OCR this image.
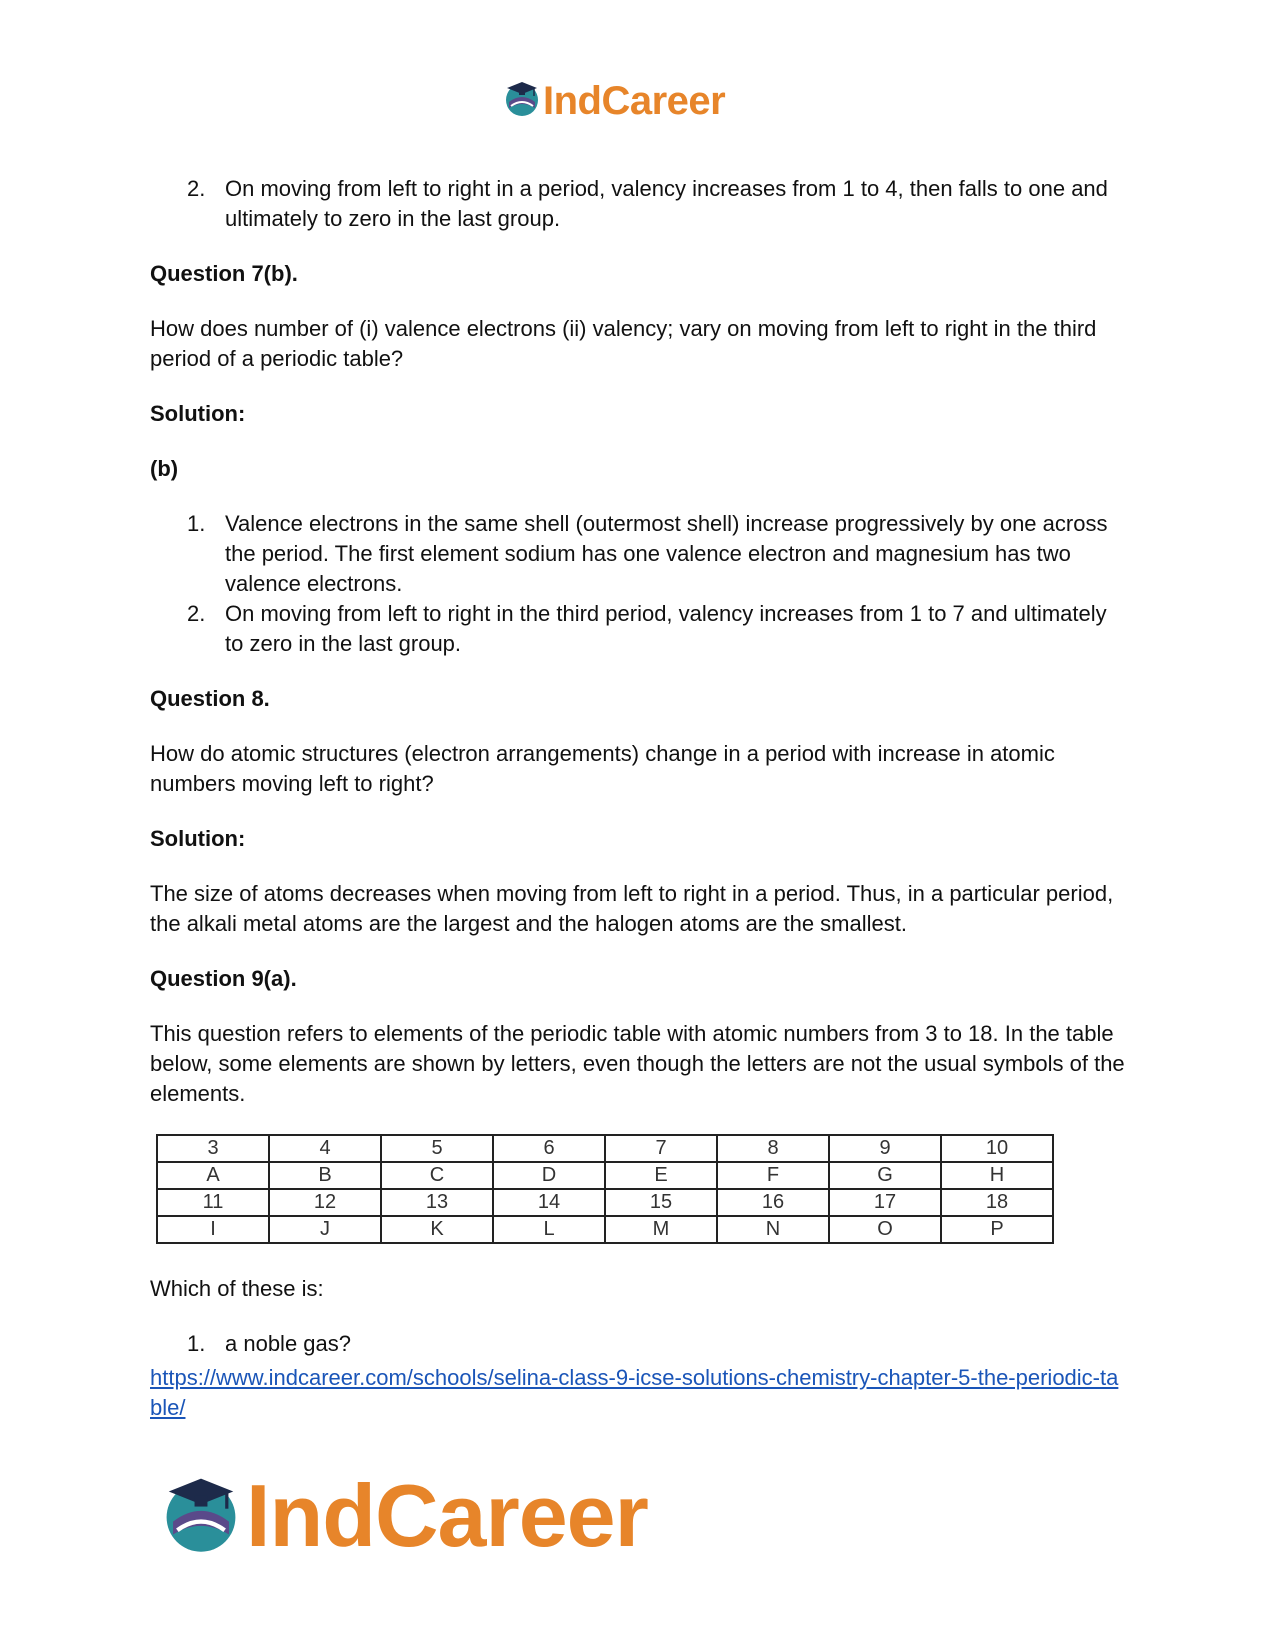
IndCareer
2. On moving from left to right in a period, valency increases from 1 to 4, then falls to one and ultimately to zero in the last group.

Question 7(b).

How does number of (i) valence electrons (ii) valency; vary on moving from left to right in the third period of a periodic table?

Solution:

(b)

1. Valence electrons in the same shell (outermost shell) increase progressively by one across the period. The first element sodium has one valence electron and magnesium has two valence electrons.
2. On moving from left to right in the third period, valency increases from 1 to 7 and ultimately to zero in the last group.

Question 8.

How do atomic structures (electron arrangements) change in a period with increase in atomic numbers moving left to right?

Solution:

The size of atoms decreases when moving from left to right in a period. Thus, in a particular period, the alkali metal atoms are the largest and the halogen atoms are the smallest.

Question 9(a).

This question refers to elements of the periodic table with atomic numbers from 3 to 18. In the table below, some elements are shown by letters, even though the letters are not the usual symbols of the elements.

3	4	5	6	7	8	9	10
A	B	C	D	E	F	G	H
11	12	13	14	15	16	17	18
I	J	K	L	M	N	O	P

Which of these is:

1. a noble gas?
https://www.indcareer.com/schools/selina-class-9-icse-solutions-chemistry-chapter-5-the-periodic-table/
IndCareer
